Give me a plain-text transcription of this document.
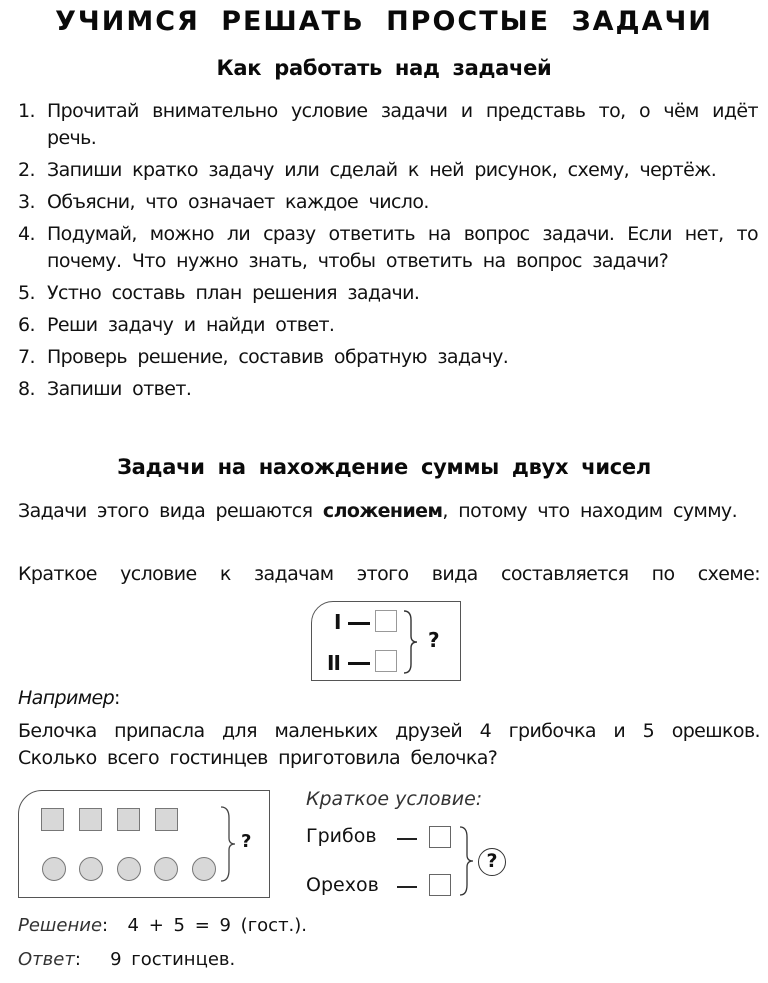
УЧИМСЯ РЕШАТЬ ПРОСТЫЕ ЗАДАЧИ
Как работать над задачей
1. Прочитай внимательно условие задачи и представь то, о чём идёт речь.
2. Запиши кратко задачу или сделай к ней рисунок, схему, чертёж.
3. Объясни, что означает каждое число.
4. Подумай, можно ли сразу ответить на вопрос задачи. Если нет, то почему. Что нужно знать, чтобы ответить на вопрос задачи?
5. Устно составь план решения задачи.
6. Реши задачу и найди ответ.
7. Проверь решение, составив обратную задачу.
8. Запиши ответ.
Задачи на нахождение суммы двух чисел
Задачи этого вида решаются сложением, потому что находим сумму.
Краткое условие к задачам этого вида составляется по схеме:
I
II
?
Например:
Белочка припасла для маленьких друзей 4 грибочка и 5 орешков. Сколько всего гостинцев приготовила белочка?
?
Краткое условие:
Грибов
Орехов
?
Решение: 4 + 5 = 9 (гост.).
Ответ: 9 гостинцев.
